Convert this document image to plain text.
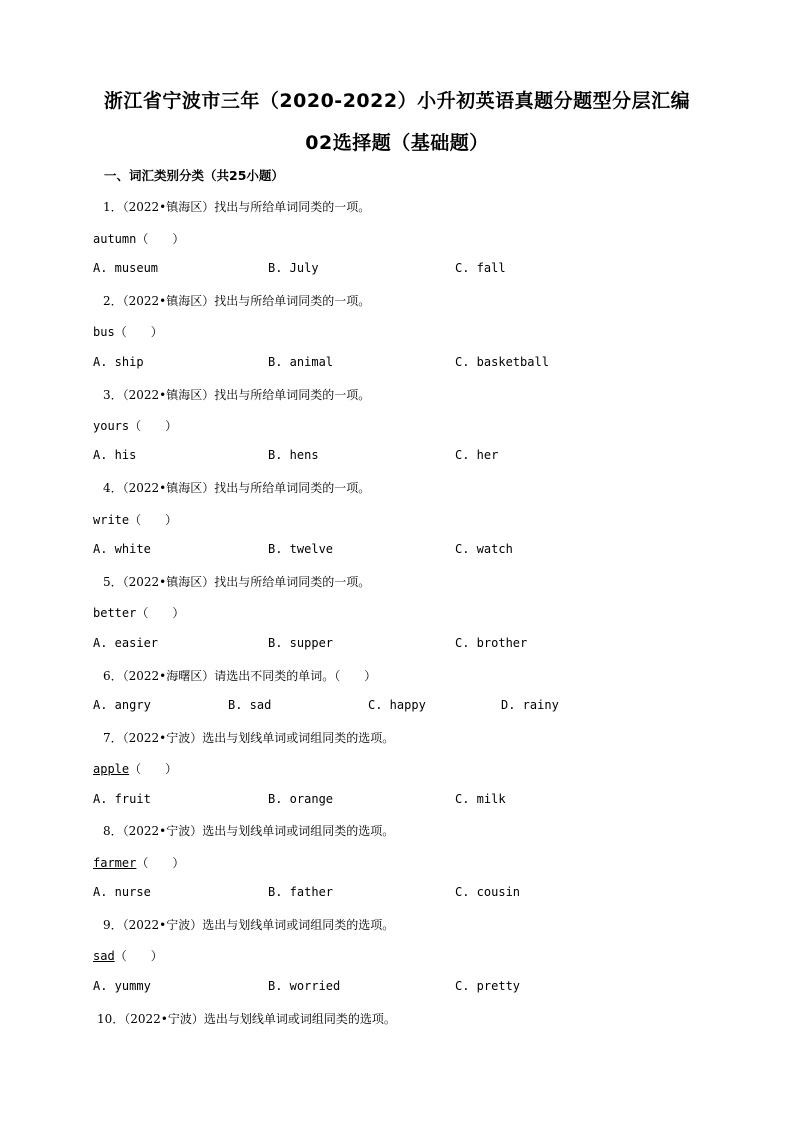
浙江省宁波市三年（2020-2022）小升初英语真题分题型分层汇编
02选择题（基础题）
一、词汇类别分类（共25小题）
1．（2022•镇海区）找出与所给单词同类的一项。
autumn（　　）
A. museum	B. July	C. fall
2．（2022•镇海区）找出与所给单词同类的一项。
bus（　　）
A. ship	B. animal	C. basketball
3．（2022•镇海区）找出与所给单词同类的一项。
yours（　　）
A. his	B. hens	C. her
4．（2022•镇海区）找出与所给单词同类的一项。
write（　　）
A. white	B. twelve	C. watch
5．（2022•镇海区）找出与所给单词同类的一项。
better（　　）
A. easier	B. supper	C. brother
6．（2022•海曙区）请选出不同类的单词。（　　）
A. angry	B. sad	C. happy	D. rainy
7．（2022•宁波）选出与划线单词或词组同类的选项。
apple（　　）
A. fruit	B. orange	C. milk
8．（2022•宁波）选出与划线单词或词组同类的选项。
farmer（　　）
A. nurse	B. father	C. cousin
9．（2022•宁波）选出与划线单词或词组同类的选项。
sad（　　）
A. yummy	B. worried	C. pretty
10．（2022•宁波）选出与划线单词或词组同类的选项。
